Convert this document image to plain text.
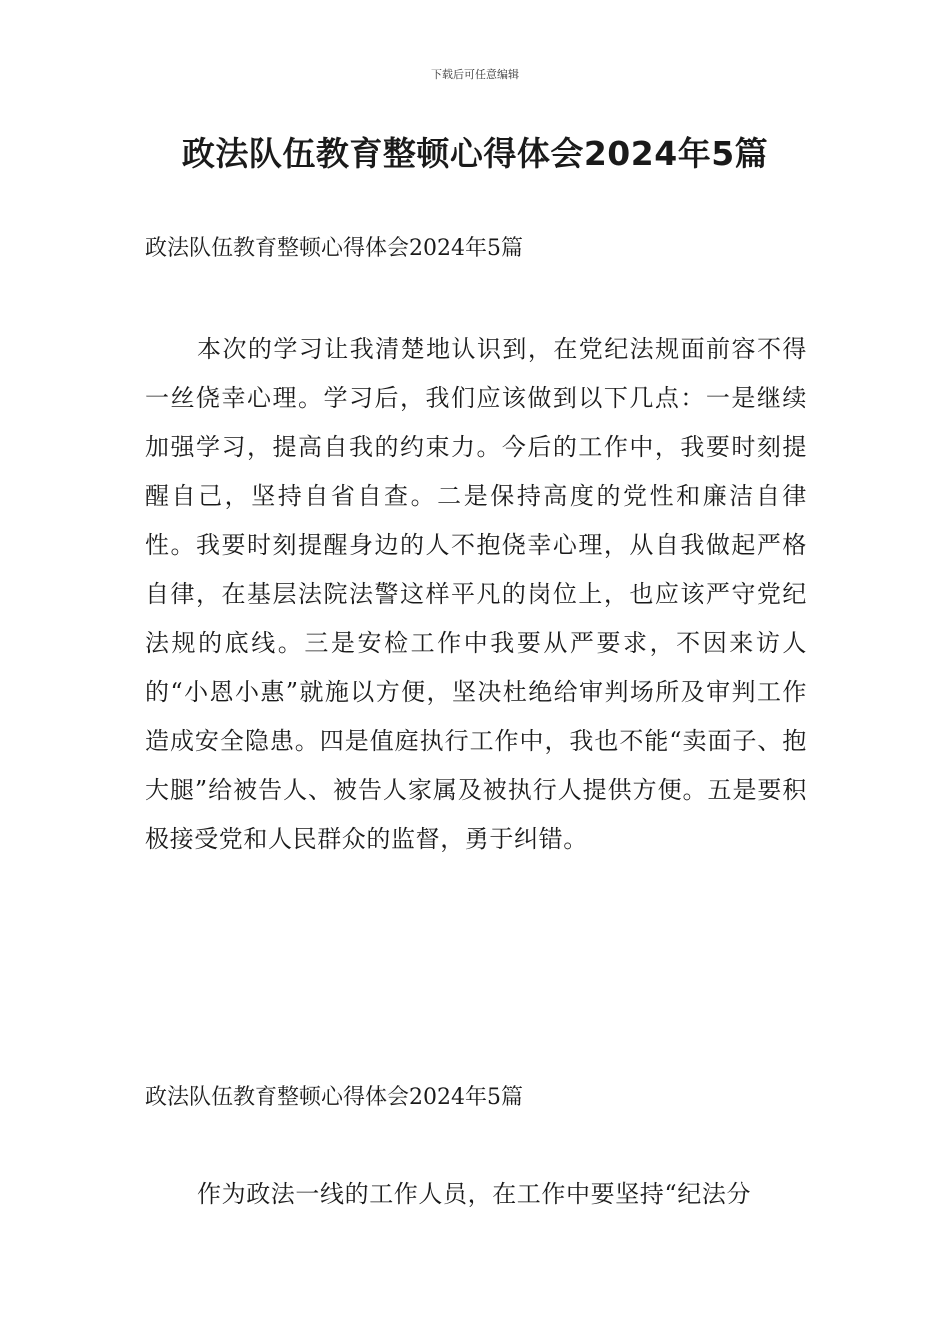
下载后可任意编辑
政法队伍教育整顿心得体会2024年5篇

政法队伍教育整顿心得体会2024年5篇

本次的学习让我清楚地认识到，在党纪法规面前容不得一丝侥幸心理。学习后，我们应该做到以下几点：一是继续加强学习，提高自我的约束力。今后的工作中，我要时刻提醒自己，坚持自省自查。二是保持高度的党性和廉洁自律性。我要时刻提醒身边的人不抱侥幸心理，从自我做起严格自律，在基层法院法警这样平凡的岗位上，也应该严守党纪法规的底线。三是安检工作中我要从严要求，不因来访人的“小恩小惠”就施以方便，坚决杜绝给审判场所及审判工作造成安全隐患。四是值庭执行工作中，我也不能“卖面子、抱大腿”给被告人、被告人家属及被执行人提供方便。五是要积极接受党和人民群众的监督，勇于纠错。

政法队伍教育整顿心得体会2024年5篇

作为政法一线的工作人员，在工作中要坚持“纪法分
